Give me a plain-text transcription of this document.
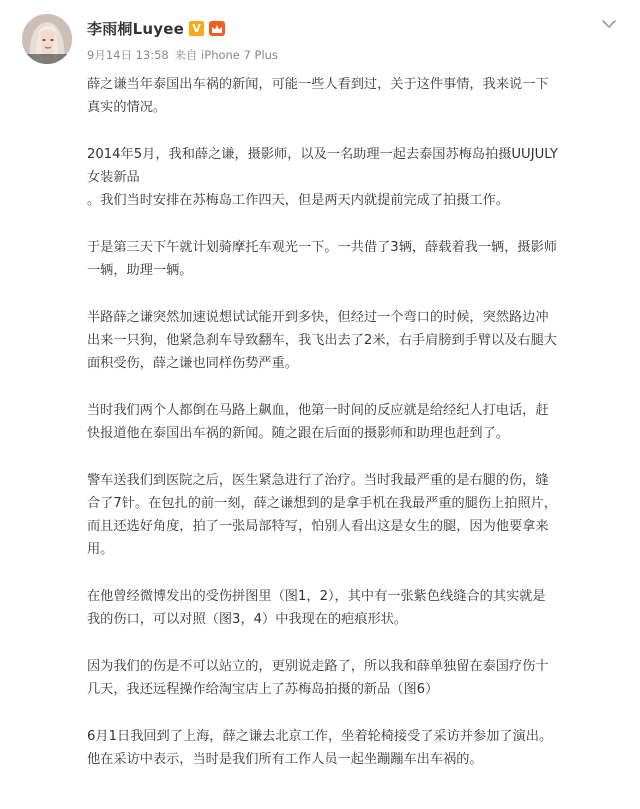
李雨桐Luyee V
9月14日 13:58 来自 iPhone 7 Plus

薛之谦当年泰国出车祸的新闻，可能一些人看到过，关于这件事情，我来说一下
真实的情况。

2014年5月，我和薛之谦，摄影师，以及一名助理一起去泰国苏梅岛拍摄UUJULY
女装新品
。我们当时安排在苏梅岛工作四天，但是两天内就提前完成了拍摄工作。

于是第三天下午就计划骑摩托车观光一下。一共借了3辆，薛载着我一辆，摄影师
一辆，助理一辆。

半路薛之谦突然加速说想试试能开到多快，但经过一个弯口的时候，突然路边冲
出来一只狗，他紧急刹车导致翻车，我飞出去了2米，右手肩膀到手臂以及右腿大
面积受伤，薛之谦也同样伤势严重。

当时我们两个人都倒在马路上飙血，他第一时间的反应就是给经纪人打电话，赶
快报道他在泰国出车祸的新闻。随之跟在后面的摄影师和助理也赶到了。

警车送我们到医院之后，医生紧急进行了治疗。当时我最严重的是右腿的伤，缝
合了7针。在包扎的前一刻，薛之谦想到的是拿手机在我最严重的腿伤上拍照片，
而且还选好角度，拍了一张局部特写，怕别人看出这是女生的腿，因为他要拿来
用。

在他曾经微博发出的受伤拼图里（图1，2），其中有一张紫色线缝合的其实就是
我的伤口，可以对照（图3，4）中我现在的疤痕形状。

因为我们的伤是不可以站立的，更别说走路了，所以我和薛单独留在泰国疗伤十
几天，我还远程操作给淘宝店上了苏梅岛拍摄的新品（图6）

6月1日我回到了上海，薛之谦去北京工作，坐着轮椅接受了采访并参加了演出。
他在采访中表示，当时是我们所有工作人员一起坐蹦蹦车出车祸的。
